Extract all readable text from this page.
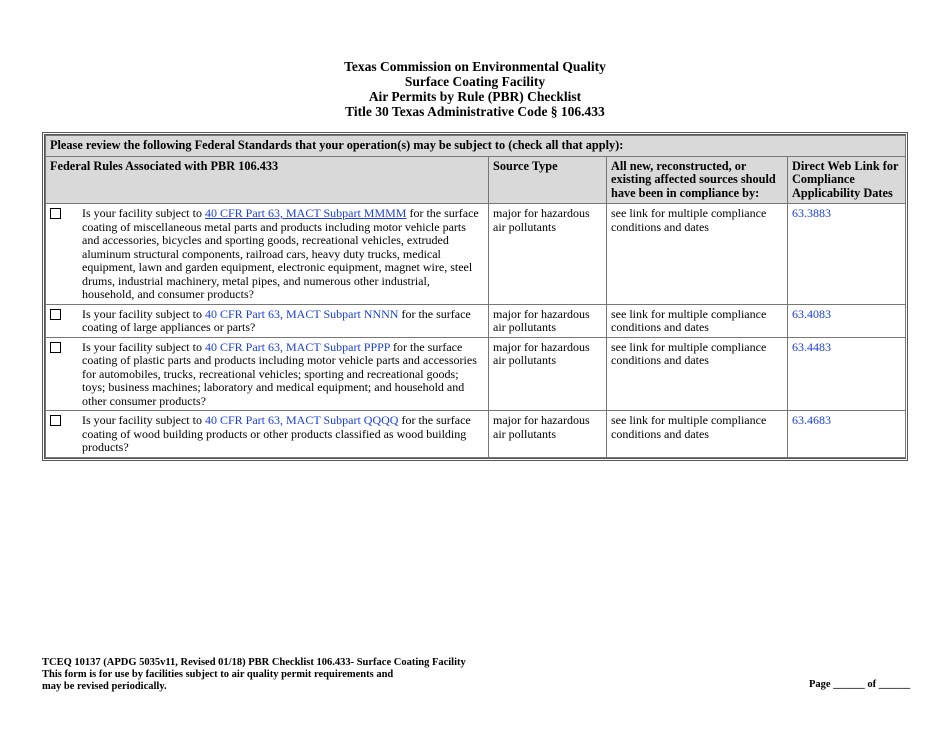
Texas Commission on Environmental Quality
Surface Coating Facility
Air Permits by Rule (PBR) Checklist
Title 30 Texas Administrative Code § 106.433
Please review the following Federal Standards that your operation(s) may be subject to (check all that apply):			
Federal Rules Associated with PBR 106.433	Source Type	All new, reconstructed, or existing affected sources should have been in compliance by:	Direct Web Link for Compliance Applicability Dates

Is your facility subject to 40 CFR Part 63, MACT Subpart MMMM for the surface coating of miscellaneous metal parts and products including motor vehicle parts and accessories, bicycles and sporting goods, recreational vehicles, extruded aluminum structural components, railroad cars, heavy duty trucks, medical equipment, lawn and garden equipment, electronic equipment, magnet wire, steel drums, industrial machinery, metal pipes, and numerous other industrial, household, and consumer products?	major for hazardous air pollutants	see link for multiple compliance conditions and dates	63.3883

Is your facility subject to 40 CFR Part 63, MACT Subpart NNNN for the surface coating of large appliances or parts?	major for hazardous air pollutants	see link for multiple compliance conditions and dates	63.4083

Is your facility subject to 40 CFR Part 63, MACT Subpart PPPP for the surface coating of plastic parts and products including motor vehicle parts and accessories for automobiles, trucks, recreational vehicles; sporting and recreational goods; toys; business machines; laboratory and medical equipment; and household and other consumer products?	major for hazardous air pollutants	see link for multiple compliance conditions and dates	63.4483

Is your facility subject to 40 CFR Part 63, MACT Subpart QQQQ for the surface coating of wood building products or other products classified as wood building products?	major for hazardous air pollutants	see link for multiple compliance conditions and dates	63.4683
TCEQ 10137 (APDG 5035v11, Revised 01/18) PBR Checklist 106.433- Surface Coating Facility
This form is for use by facilities subject to air quality permit requirements and
may be revised periodically.	Page ______ of ______
